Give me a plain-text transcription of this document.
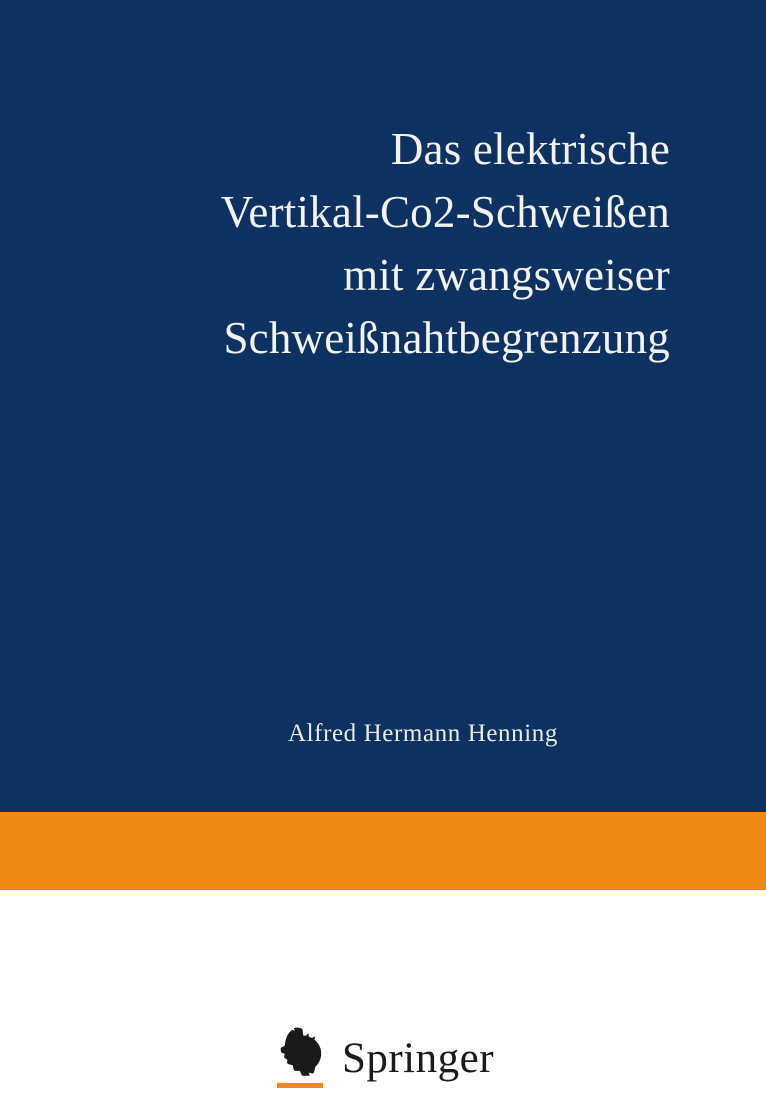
Das elektrische
Vertikal-Co2-Schweißen
mit zwangsweiser
Schweißnahtbegrenzung
Alfred Hermann Henning
Springer
